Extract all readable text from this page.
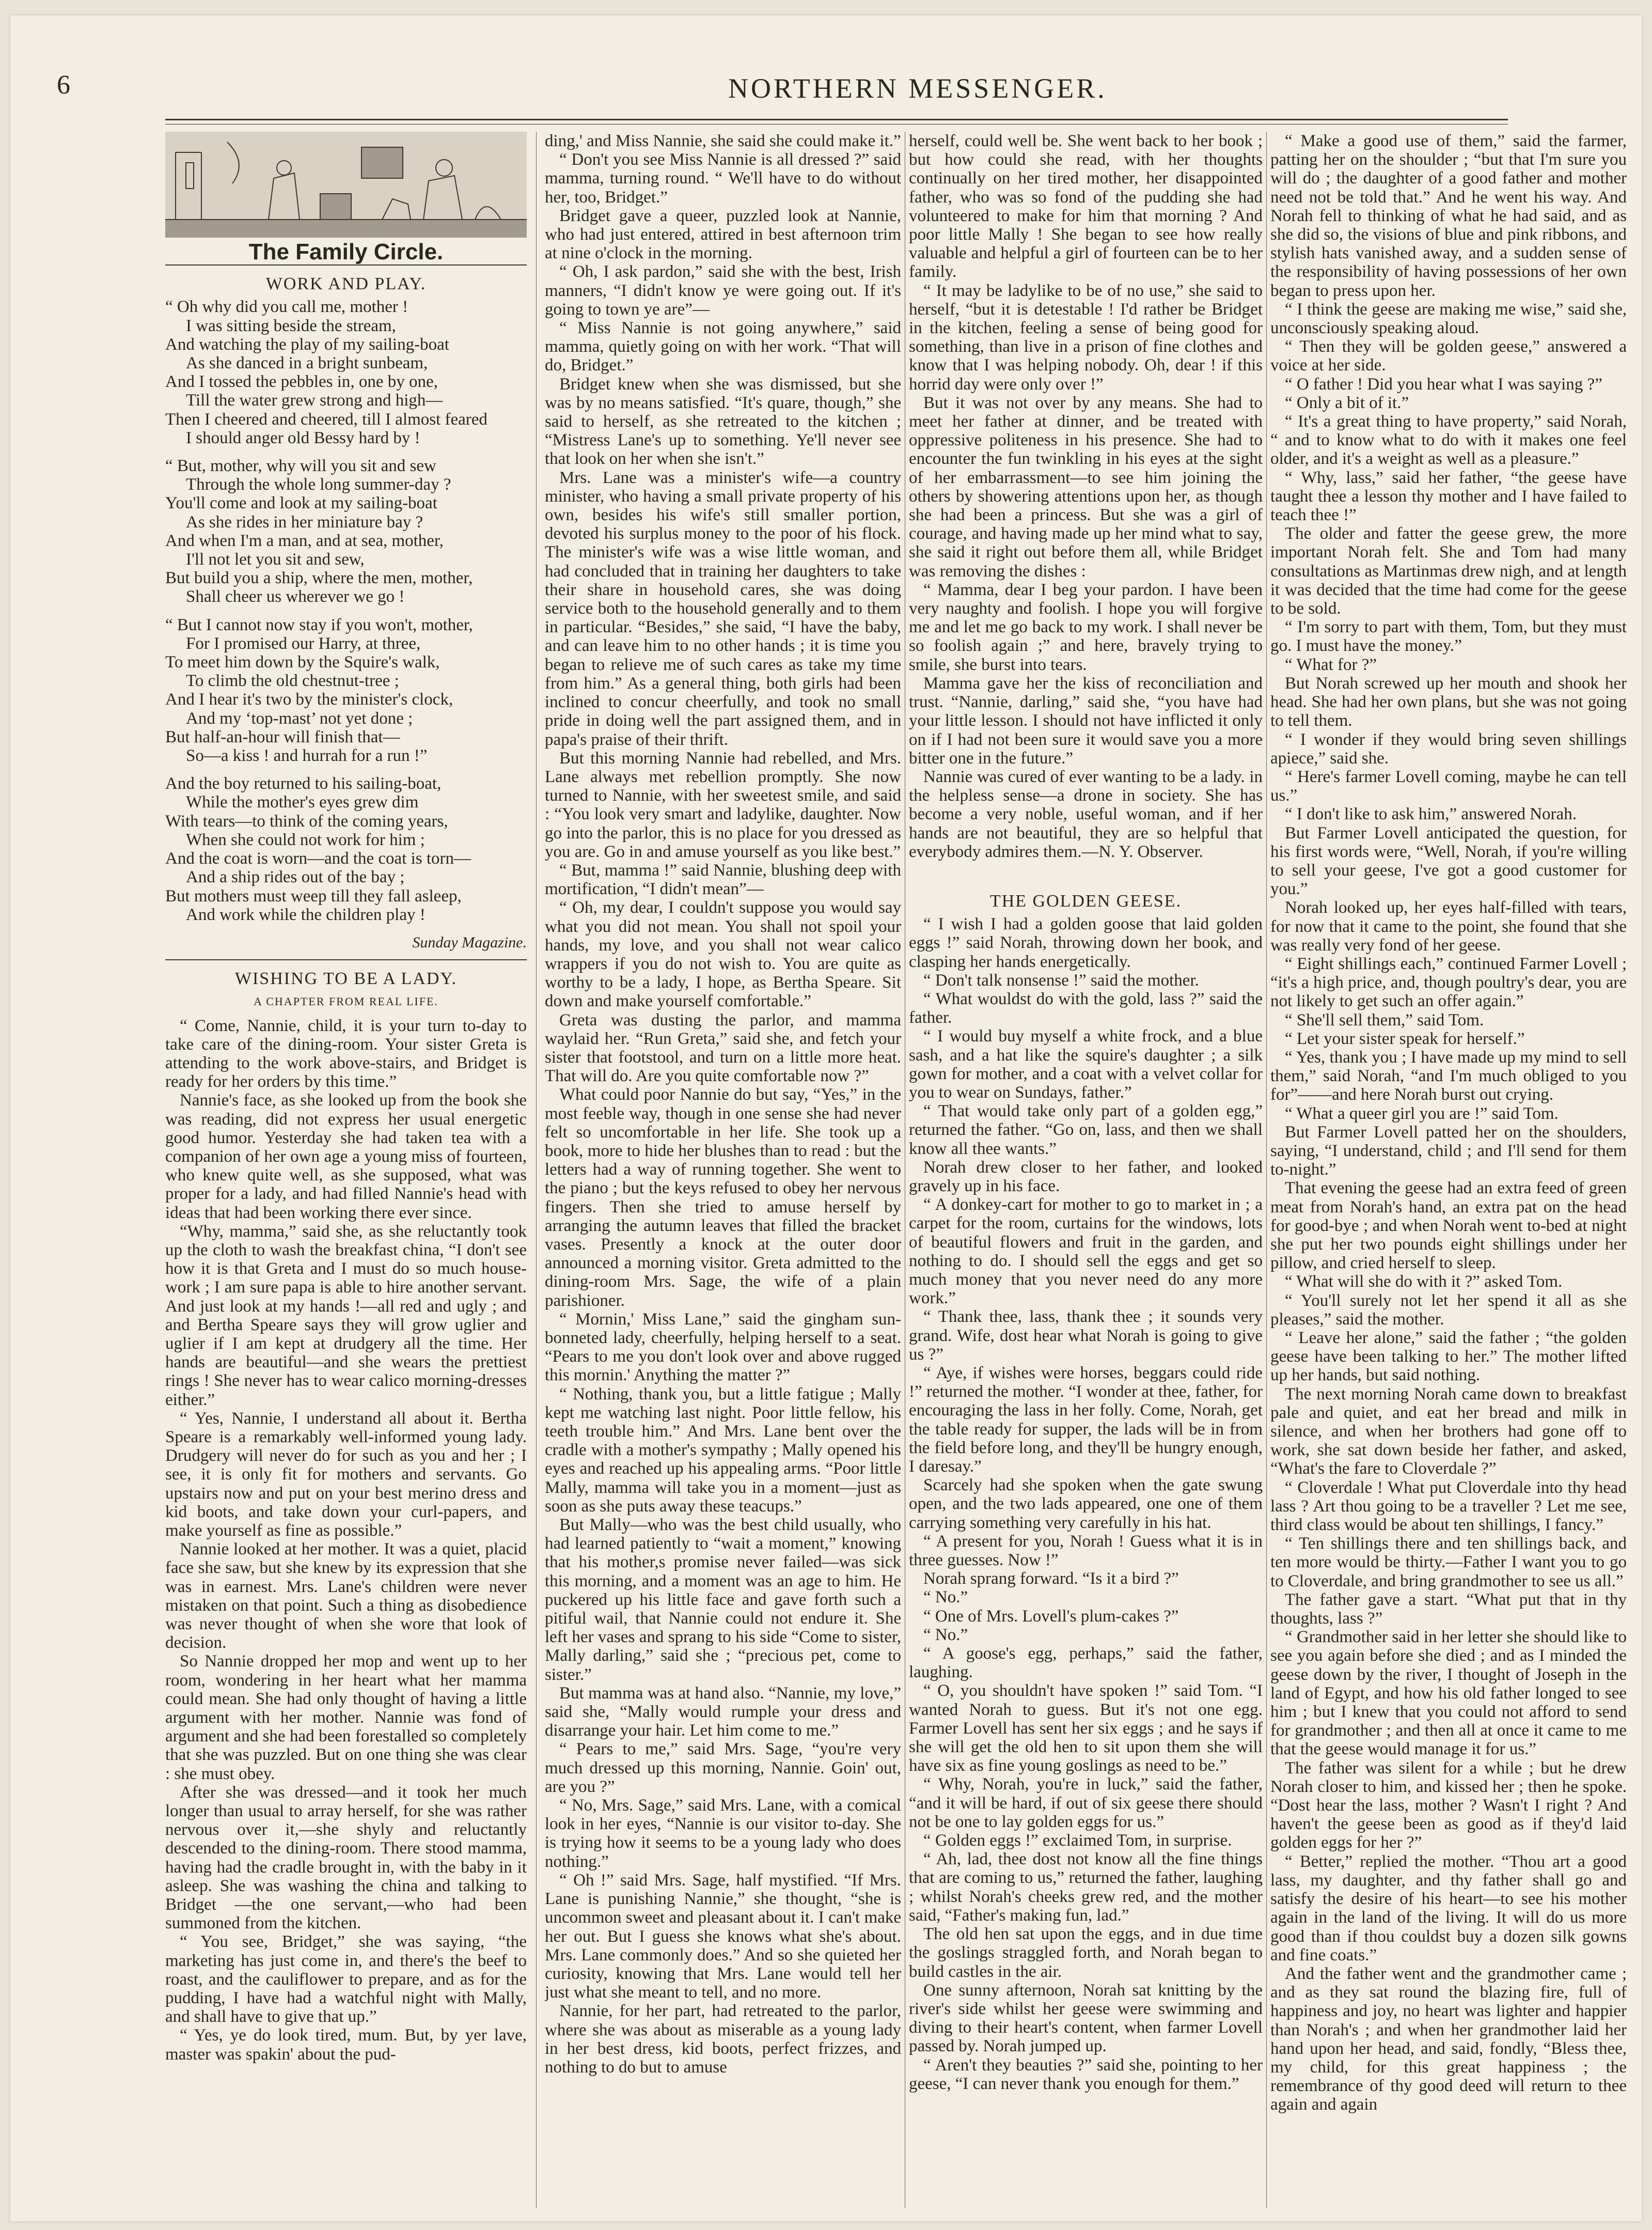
6	NORTHERN MESSENGER.
The Family Circle.
WORK AND PLAY.
“ Oh why did you call me, mother !
I was sitting beside the stream,
And watching the play of my sailing-boat
As she danced in a bright sunbeam,
And I tossed the pebbles in, one by one,
Till the water grew strong and high—
Then I cheered and cheered, till I almost feared
I should anger old Bessy hard by !
“ But, mother, why will you sit and sew
Through the whole long summer-day ?
You'll come and look at my sailing-boat
As she rides in her miniature bay ?
And when I'm a man, and at sea, mother,
I'll not let you sit and sew,
But build you a ship, where the men, mother,
Shall cheer us wherever we go !
“ But I cannot now stay if you won't, mother,
For I promised our Harry, at three,
To meet him down by the Squire's walk,
To climb the old chestnut-tree ;
And I hear it's two by the minister's clock,
And my ‘top-mast’ not yet done ;
But half-an-hour will finish that—
So—a kiss ! and hurrah for a run !”
And the boy returned to his sailing-boat,
While the mother's eyes grew dim
With tears—to think of the coming years,
When she could not work for him ;
And the coat is worn—and the coat is torn—
And a ship rides out of the bay ;
But mothers must weep till they fall asleep,
And work while the children play !
Sunday Magazine.
WISHING TO BE A LADY.
A CHAPTER FROM REAL LIFE.

“ Come, Nannie, child, it is your turn to-day to take care of the dining-room. Your sister Greta is attending to the work above-stairs, and Bridget is ready for her orders by this time.”

Nannie's face, as she looked up from the book she was reading, did not express her usual energetic good humor. Yesterday she had taken tea with a companion of her own age a young miss of fourteen, who knew quite well, as she supposed, what was proper for a lady, and had filled Nannie's head with ideas that had been working there ever since.

“Why, mamma,” said she, as she reluctantly took up the cloth to wash the breakfast china, “I don't see how it is that Greta and I must do so much house-work ; I am sure papa is able to hire another servant. And just look at my hands !—all red and ugly ; and and Bertha Speare says they will grow uglier and uglier if I am kept at drudgery all the time. Her hands are beautiful—and she wears the prettiest rings ! She never has to wear calico morning-dresses either.”

“ Yes, Nannie, I understand all about it. Bertha Speare is a remarkably well-informed young lady. Drudgery will never do for such as you and her ; I see, it is only fit for mothers and servants. Go upstairs now and put on your best merino dress and kid boots, and take down your curl-papers, and make yourself as fine as possible.”

Nannie looked at her mother. It was a quiet, placid face she saw, but she knew by its expression that she was in earnest. Mrs. Lane's children were never mistaken on that point. Such a thing as disobedience was never thought of when she wore that look of decision.

So Nannie dropped her mop and went up to her room, wondering in her heart what her mamma could mean. She had only thought of having a little argument with her mother. Nannie was fond of argument and she had been forestalled so completely that she was puzzled. But on one thing she was clear : she must obey.

After she was dressed—and it took her much longer than usual to array herself, for she was rather nervous over it,—she shyly and reluctantly descended to the dining-room. There stood mamma, having had the cradle brought in, with the baby in it asleep. She was washing the china and talking to Bridget —the one servant,—who had been summoned from the kitchen.

“ You see, Bridget,” she was saying, “the marketing has just come in, and there's the beef to roast, and the cauliflower to prepare, and as for the pudding, I have had a watchful night with Mally, and shall have to give that up.”

“ Yes, ye do look tired, mum. But, by yer lave, master was spakin' about the pud-

ding,' and Miss Nannie, she said she could make it.”

“ Don't you see Miss Nannie is all dressed ?” said mamma, turning round. “ We'll have to do without her, too, Bridget.”

Bridget gave a queer, puzzled look at Nannie, who had just entered, attired in best afternoon trim at nine o'clock in the morning.

“ Oh, I ask pardon,” said she with the best, Irish manners, “I didn't know ye were going out. If it's going to town ye are”—

“ Miss Nannie is not going anywhere,” said mamma, quietly going on with her work. “That will do, Bridget.”

Bridget knew when she was dismissed, but she was by no means satisfied. “It's quare, though,” she said to herself, as she retreated to the kitchen ; “Mistress Lane's up to something. Ye'll never see that look on her when she isn't.”

Mrs. Lane was a minister's wife—a country minister, who having a small private property of his own, besides his wife's still smaller portion, devoted his surplus money to the poor of his flock. The minister's wife was a wise little woman, and had concluded that in training her daughters to take their share in household cares, she was doing service both to the household generally and to them in particular. “Besides,” she said, “I have the baby, and can leave him to no other hands ; it is time you began to relieve me of such cares as take my time from him.” As a general thing, both girls had been inclined to concur cheerfully, and took no small pride in doing well the part assigned them, and in papa's praise of their thrift.

But this morning Nannie had rebelled, and Mrs. Lane always met rebellion promptly. She now turned to Nannie, with her sweetest smile, and said : “You look very smart and ladylike, daughter. Now go into the parlor, this is no place for you dressed as you are. Go in and amuse yourself as you like best.”

“ But, mamma !” said Nannie, blushing deep with mortification, “I didn't mean”—

“ Oh, my dear, I couldn't suppose you would say what you did not mean. You shall not spoil your hands, my love, and you shall not wear calico wrappers if you do not wish to. You are quite as worthy to be a lady, I hope, as Bertha Speare. Sit down and make yourself comfortable.”

Greta was dusting the parlor, and mamma waylaid her. “Run Greta,” said she, and fetch your sister that footstool, and turn on a little more heat. That will do. Are you quite comfortable now ?”

What could poor Nannie do but say, “Yes,” in the most feeble way, though in one sense she had never felt so uncomfortable in her life. She took up a book, more to hide her blushes than to read : but the letters had a way of running together. She went to the piano ; but the keys refused to obey her nervous fingers. Then she tried to amuse herself by arranging the autumn leaves that filled the bracket vases. Presently a knock at the outer door announced a morning visitor. Greta admitted to the dining-room Mrs. Sage, the wife of a plain parishioner.

“ Mornin,' Miss Lane,” said the gingham sun-bonneted lady, cheerfully, helping herself to a seat. “Pears to me you don't look over and above rugged this mornin.' Anything the matter ?”

“ Nothing, thank you, but a little fatigue ; Mally kept me watching last night. Poor little fellow, his teeth trouble him.” And Mrs. Lane bent over the cradle with a mother's sympathy ; Mally opened his eyes and reached up his appealing arms. “Poor little Mally, mamma will take you in a moment—just as soon as she puts away these teacups.”

But Mally—who was the best child usually, who had learned patiently to “wait a moment,” knowing that his mother,s promise never failed—was sick this morning, and a moment was an age to him. He puckered up his little face and gave forth such a pitiful wail, that Nannie could not endure it. She left her vases and sprang to his side “Come to sister, Mally darling,” said she ; “precious pet, come to sister.”

But mamma was at hand also. “Nannie, my love,” said she, “Mally would rumple your dress and disarrange your hair. Let him come to me.”

“ Pears to me,” said Mrs. Sage, “you're very much dressed up this morning, Nannie. Goin' out, are you ?”

“ No, Mrs. Sage,” said Mrs. Lane, with a comical look in her eyes, “Nannie is our visitor to-day. She is trying how it seems to be a young lady who does nothing.”

“ Oh !” said Mrs. Sage, half mystified. “If Mrs. Lane is punishing Nannie,” she thought, “she is uncommon sweet and pleasant about it. I can't make her out. But I guess she knows what she's about. Mrs. Lane commonly does.” And so she quieted her curiosity, knowing that Mrs. Lane would tell her just what she meant to tell, and no more.

Nannie, for her part, had retreated to the parlor, where she was about as miserable as a young lady in her best dress, kid boots, perfect frizzes, and nothing to do but to amuse

herself, could well be. She went back to her book ; but how could she read, with her thoughts continually on her tired mother, her disappointed father, who was so fond of the pudding she had volunteered to make for him that morning ? And poor little Mally ! She began to see how really valuable and helpful a girl of fourteen can be to her family.

“ It may be ladylike to be of no use,” she said to herself, “but it is detestable ! I'd rather be Bridget in the kitchen, feeling a sense of being good for something, than live in a prison of fine clothes and know that I was helping nobody. Oh, dear ! if this horrid day were only over !”

But it was not over by any means. She had to meet her father at dinner, and be treated with oppressive politeness in his presence. She had to encounter the fun twinkling in his eyes at the sight of her embarrassment—to see him joining the others by showering attentions upon her, as though she had been a princess. But she was a girl of courage, and having made up her mind what to say, she said it right out before them all, while Bridget was removing the dishes :

“ Mamma, dear I beg your pardon. I have been very naughty and foolish. I hope you will forgive me and let me go back to my work. I shall never be so foolish again ;” and here, bravely trying to smile, she burst into tears.

Mamma gave her the kiss of reconciliation and trust. “Nannie, darling,” said she, “you have had your little lesson. I should not have inflicted it only on if I had not been sure it would save you a more bitter one in the future.”

Nannie was cured of ever wanting to be a lady. in the helpless sense—a drone in society. She has become a very noble, useful woman, and if her hands are not beautiful, they are so helpful that everybody admires them.—N. Y. Observer.

THE GOLDEN GEESE.

“ I wish I had a golden goose that laid golden eggs !” said Norah, throwing down her book, and clasping her hands energetically.

“ Don't talk nonsense !” said the mother.

“ What wouldst do with the gold, lass ?” said the father.

“ I would buy myself a white frock, and a blue sash, and a hat like the squire's daughter ; a silk gown for mother, and a coat with a velvet collar for you to wear on Sundays, father.”

“ That would take only part of a golden egg,” returned the father. “Go on, lass, and then we shall know all thee wants.”

Norah drew closer to her father, and looked gravely up in his face.

“ A donkey-cart for mother to go to market in ; a carpet for the room, curtains for the windows, lots of beautiful flowers and fruit in the garden, and nothing to do. I should sell the eggs and get so much money that you never need do any more work.”

“ Thank thee, lass, thank thee ; it sounds very grand. Wife, dost hear what Norah is going to give us ?”

“ Aye, if wishes were horses, beggars could ride !” returned the mother. “I wonder at thee, father, for encouraging the lass in her folly. Come, Norah, get the table ready for supper, the lads will be in from the field before long, and they'll be hungry enough, I daresay.”

Scarcely had she spoken when the gate swung open, and the two lads appeared, one one of them carrying something very carefully in his hat.

“ A present for you, Norah ! Guess what it is in three guesses. Now !”

Norah sprang forward. “Is it a bird ?”

“ No.”

“ One of Mrs. Lovell's plum-cakes ?”

“ No.”

“ A goose's egg, perhaps,” said the father, laughing.

“ O, you shouldn't have spoken !” said Tom. “I wanted Norah to guess. But it's not one egg. Farmer Lovell has sent her six eggs ; and he says if she will get the old hen to sit upon them she will have six as fine young goslings as need to be.”

“ Why, Norah, you're in luck,” said the father, “and it will be hard, if out of six geese there should not be one to lay golden eggs for us.”

“ Golden eggs !” exclaimed Tom, in surprise.

“ Ah, lad, thee dost not know all the fine things that are coming to us,” returned the father, laughing ; whilst Norah's cheeks grew red, and the mother said, “Father's making fun, lad.”

The old hen sat upon the eggs, and in due time the goslings straggled forth, and Norah began to build castles in the air.

One sunny afternoon, Norah sat knitting by the river's side whilst her geese were swimming and diving to their heart's content, when farmer Lovell passed by. Norah jumped up.

“ Aren't they beauties ?” said she, pointing to her geese, “I can never thank you enough for them.”

“ Make a good use of them,” said the farmer, patting her on the shoulder ; “but that I'm sure you will do ; the daughter of a good father and mother need not be told that.” And he went his way. And Norah fell to thinking of what he had said, and as she did so, the visions of blue and pink ribbons, and stylish hats vanished away, and a sudden sense of the responsibility of having possessions of her own began to press upon her.

“ I think the geese are making me wise,” said she, unconsciously speaking aloud.

“ Then they will be golden geese,” answered a voice at her side.

“ O father ! Did you hear what I was saying ?”

“ Only a bit of it.”

“ It's a great thing to have property,” said Norah, “ and to know what to do with it makes one feel older, and it's a weight as well as a pleasure.”

“ Why, lass,” said her father, “the geese have taught thee a lesson thy mother and I have failed to teach thee !”

The older and fatter the geese grew, the more important Norah felt. She and Tom had many consultations as Martinmas drew nigh, and at length it was decided that the time had come for the geese to be sold.

“ I'm sorry to part with them, Tom, but they must go. I must have the money.”

“ What for ?”

But Norah screwed up her mouth and shook her head. She had her own plans, but she was not going to tell them.

“ I wonder if they would bring seven shillings apiece,” said she.

“ Here's farmer Lovell coming, maybe he can tell us.”

“ I don't like to ask him,” answered Norah.

But Farmer Lovell anticipated the question, for his first words were, “Well, Norah, if you're willing to sell your geese, I've got a good customer for you.”

Norah looked up, her eyes half-filled with tears, for now that it came to the point, she found that she was really very fond of her geese.

“ Eight shillings each,” continued Farmer Lovell ; “it's a high price, and, though poultry's dear, you are not likely to get such an offer again.”

“ She'll sell them,” said Tom.

“ Let your sister speak for herself.”

“ Yes, thank you ; I have made up my mind to sell them,” said Norah, “and I'm much obliged to you for”——and here Norah burst out crying.

“ What a queer girl you are !” said Tom.

But Farmer Lovell patted her on the shoulders, saying, “I understand, child ; and I'll send for them to-night.”

That evening the geese had an extra feed of green meat from Norah's hand, an extra pat on the head for good-bye ; and when Norah went to-bed at night she put her two pounds eight shillings under her pillow, and cried herself to sleep.

“ What will she do with it ?” asked Tom.

“ You'll surely not let her spend it all as she pleases,” said the mother.

“ Leave her alone,” said the father ; “the golden geese have been talking to her.” The mother lifted up her hands, but said nothing.

The next morning Norah came down to breakfast pale and quiet, and eat her bread and milk in silence, and when her brothers had gone off to work, she sat down beside her father, and asked, “What's the fare to Cloverdale ?”

“ Cloverdale ! What put Cloverdale into thy head lass ? Art thou going to be a traveller ? Let me see, third class would be about ten shillings, I fancy.”

“ Ten shillings there and ten shillings back, and ten more would be thirty.—Father I want you to go to Cloverdale, and bring grandmother to see us all.”

The father gave a start. “What put that in thy thoughts, lass ?”

“ Grandmother said in her letter she should like to see you again before she died ; and as I minded the geese down by the river, I thought of Joseph in the land of Egypt, and how his old father longed to see him ; but I knew that you could not afford to send for grandmother ; and then all at once it came to me that the geese would manage it for us.”

The father was silent for a while ; but he drew Norah closer to him, and kissed her ; then he spoke. “Dost hear the lass, mother ? Wasn't I right ? And haven't the geese been as good as if they'd laid golden eggs for her ?”

“ Better,” replied the mother. “Thou art a good lass, my daughter, and thy father shall go and satisfy the desire of his heart—to see his mother again in the land of the living. It will do us more good than if thou couldst buy a dozen silk gowns and fine coats.”

And the father went and the grandmother came ; and as they sat round the blazing fire, full of happiness and joy, no heart was lighter and happier than Norah's ; and when her grandmother laid her hand upon her head, and said, fondly, “Bless thee, my child, for this great happiness ; the remembrance of thy good deed will return to thee again and again
